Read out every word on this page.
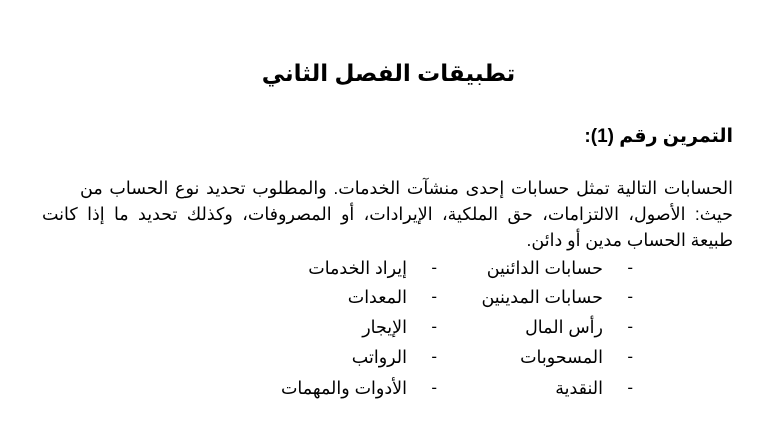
تطبيقات الفصل الثاني
التمرين رقم (1):
الحسابات التالية تمثل حسابات إحدى منشآت الخدمات. والمطلوب تحديد نوع الحساب من
حيث: الأصول، الالتزامات، حق الملكية، الإيرادات، أو المصروفات، وكذلك تحديد ما إذا كانت
طبيعة الحساب مدين أو دائن.
-
حسابات الدائنين
-
إيراد الخدمات
-
حسابات المدينين
-
المعدات
-
رأس المال
-
الإيجار
-
المسحوبات
-
الرواتب
-
النقدية
-
الأدوات والمهمات
